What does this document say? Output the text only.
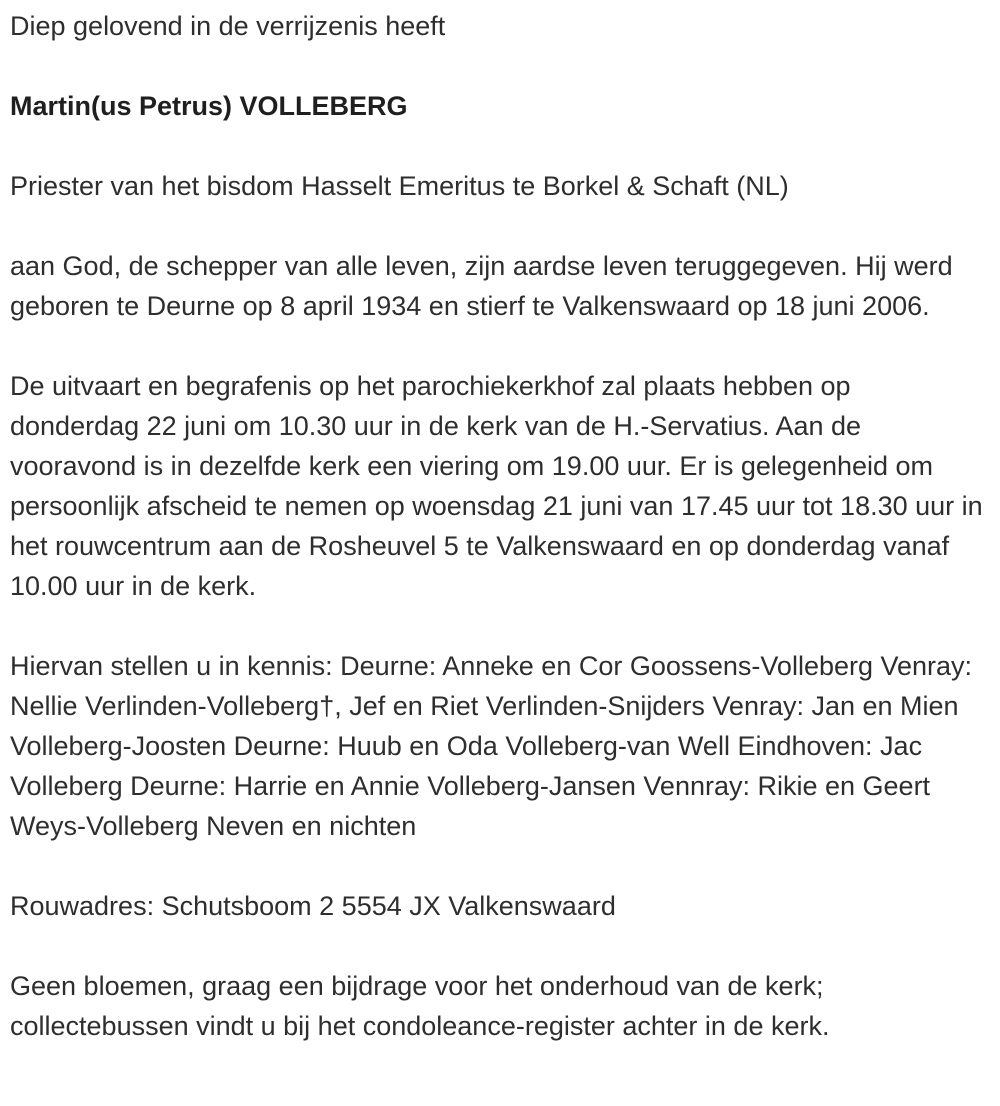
Diep gelovend in de verrijzenis heeft

Martin(us Petrus) VOLLEBERG

Priester van het bisdom Hasselt Emeritus te Borkel & Schaft (NL)

aan God, de schepper van alle leven, zijn aardse leven teruggegeven. Hij werd geboren te Deurne op 8 april 1934 en stierf te Valkenswaard op 18 juni 2006.

De uitvaart en begrafenis op het parochiekerkhof zal plaats hebben op donderdag 22 juni om 10.30 uur in de kerk van de H.-Servatius. Aan de vooravond is in dezelfde kerk een viering om 19.00 uur. Er is gelegenheid om persoonlijk afscheid te nemen op woensdag 21 juni van 17.45 uur tot 18.30 uur in het rouwcentrum aan de Rosheuvel 5 te Valkenswaard en op donderdag vanaf 10.00 uur in de kerk.

Hiervan stellen u in kennis: Deurne: Anneke en Cor Goossens-Volleberg Venray: Nellie Verlinden-Volleberg†, Jef en Riet Verlinden-Snijders Venray: Jan en Mien Volleberg-Joosten Deurne: Huub en Oda Volleberg-van Well Eindhoven: Jac Volleberg Deurne: Harrie en Annie Volleberg-Jansen Vennray: Rikie en Geert Weys-Volleberg Neven en nichten

Rouwadres: Schutsboom 2 5554 JX Valkenswaard

Geen bloemen, graag een bijdrage voor het onderhoud van de kerk; collectebussen vindt u bij het condoleance-register achter in de kerk.
